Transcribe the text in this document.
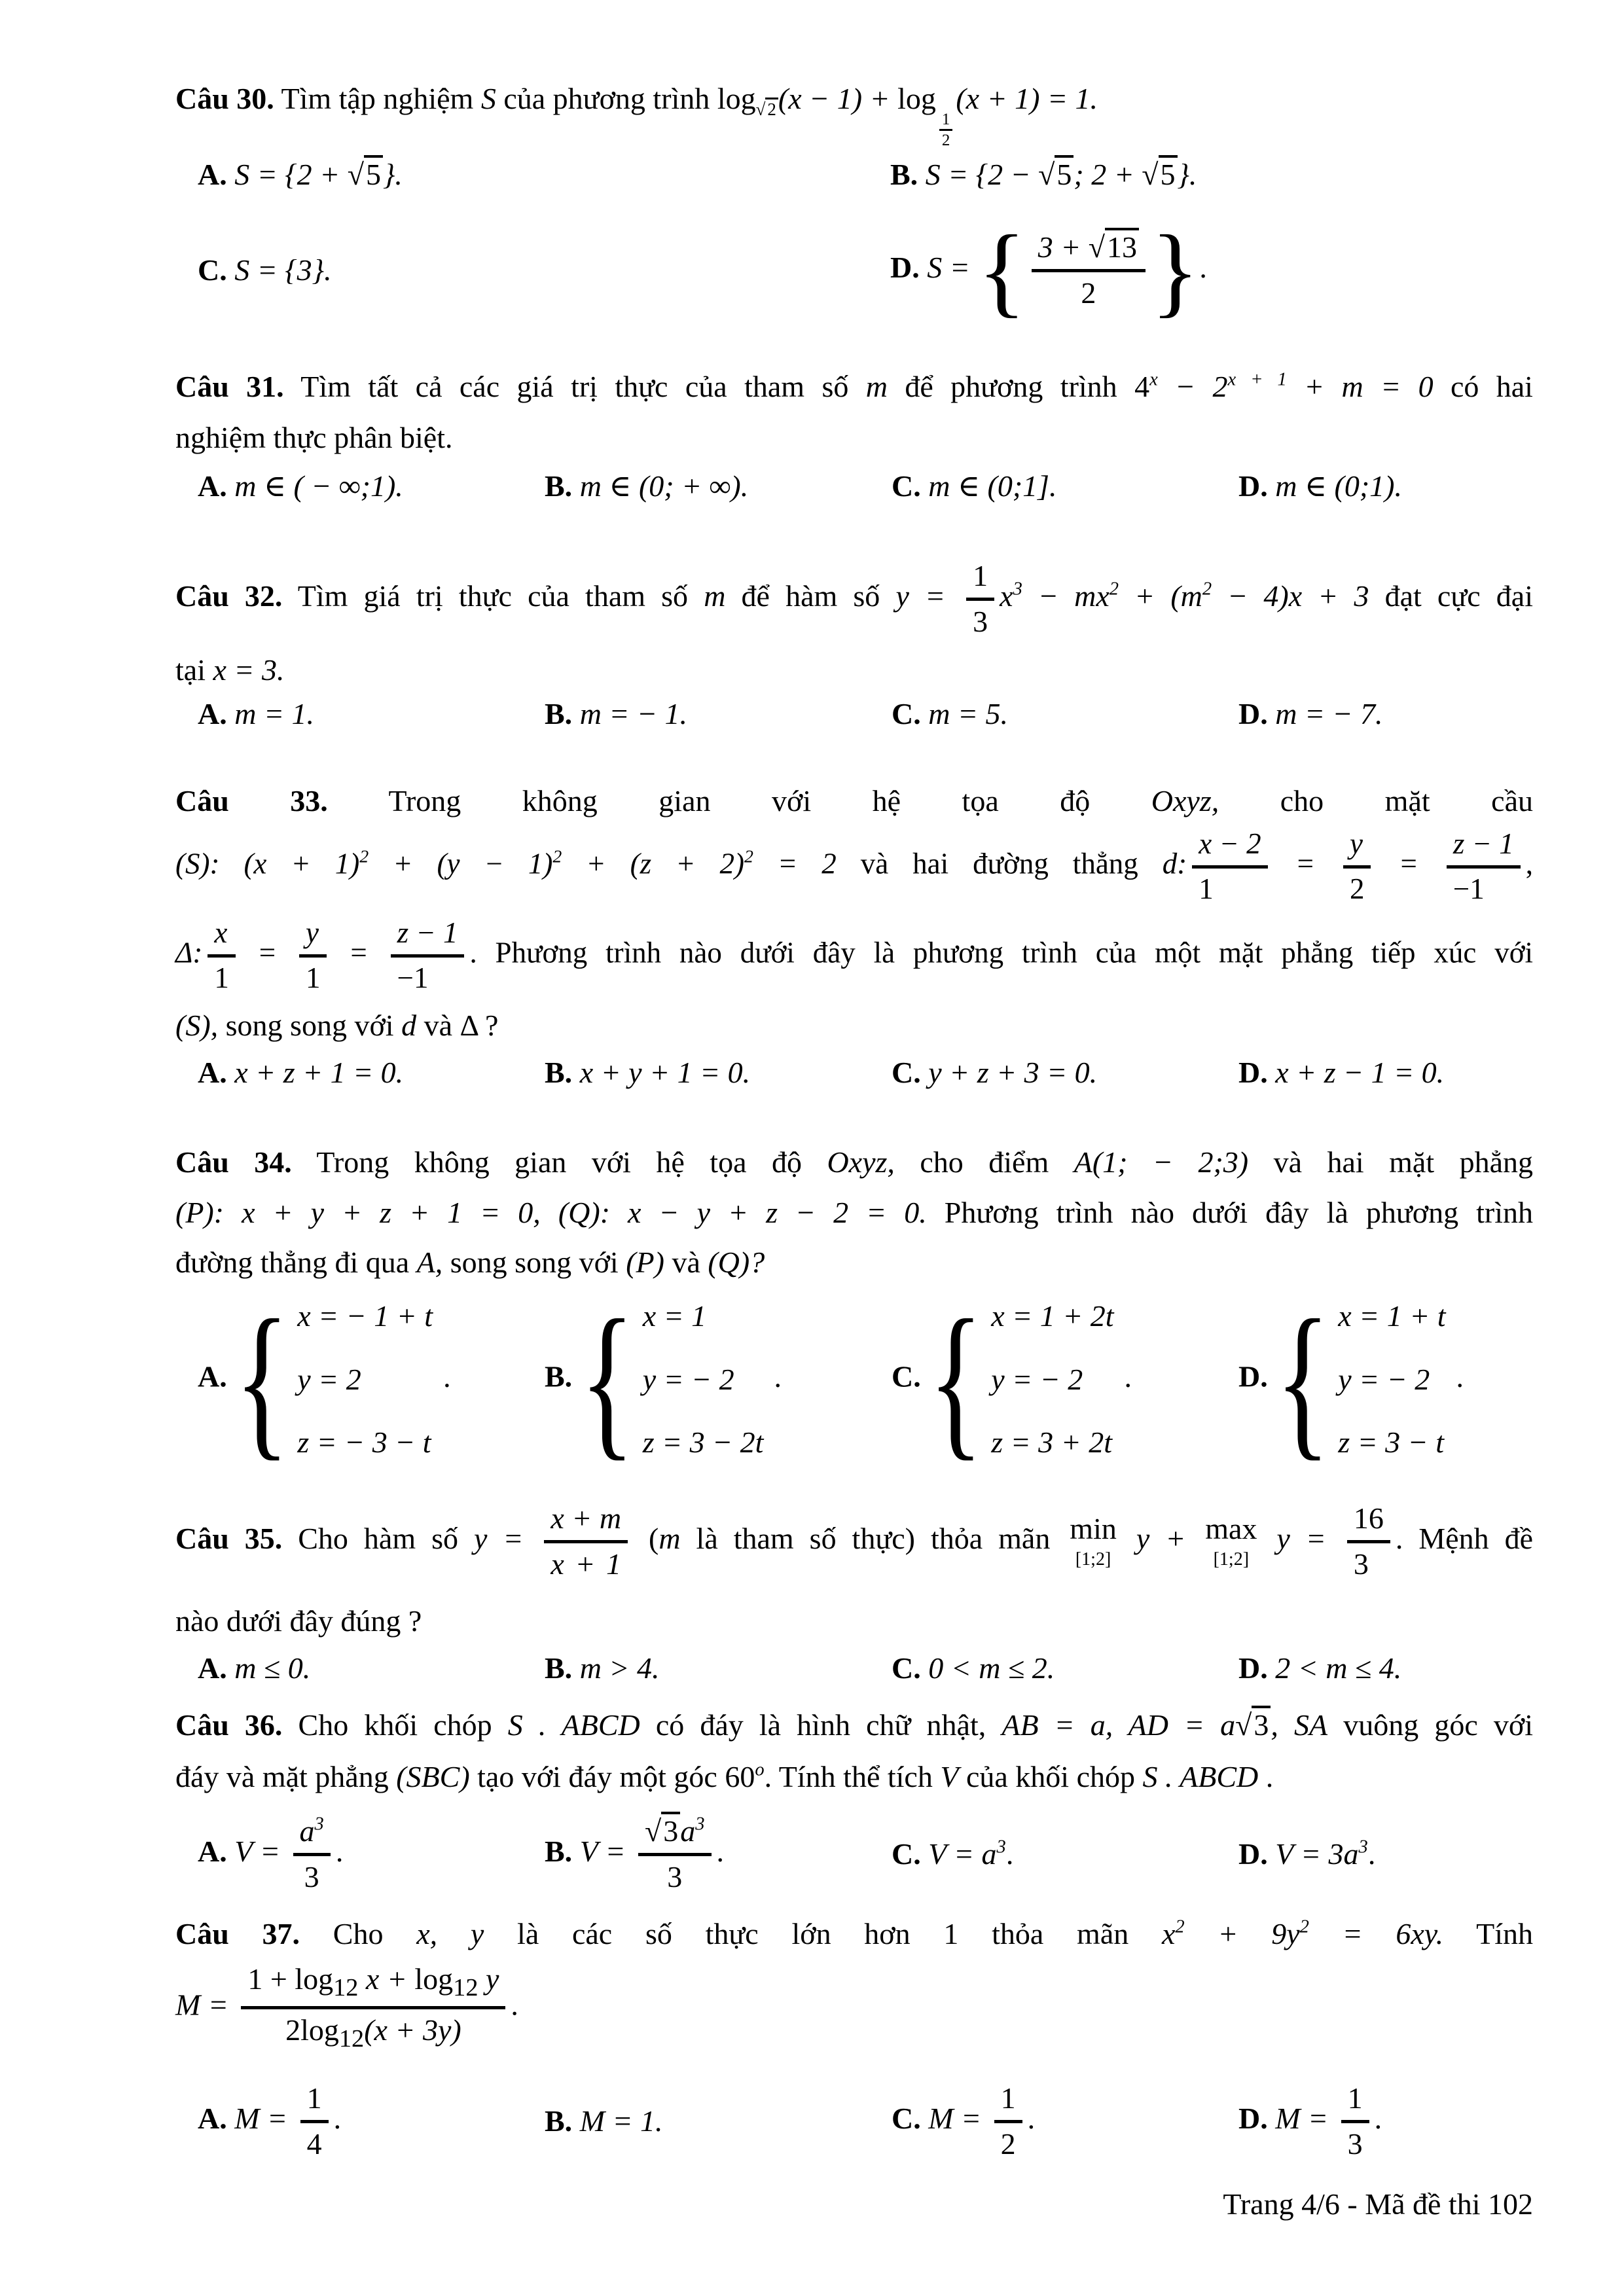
Câu 30. Tìm tập nghiệm S của phương trình $\log_{√ 2}(x - 1) + \log$
$\frac{1}{2}$
(x + 1) = 1.
A. S = {2 + √5}.	B. S = {2 − √5; 2 + √5}.
C. S = {3}.	D. S = { $\frac{3 + √13}{2}$ }.
Câu 31. Tìm tất cả các giá trị thực của tham số m để phương trình $4^x - 2^{x + 1} + m = 0$ có hai
nghiệm thực phân biệt.
A. m ∈ ( − ∞;1).	B. m ∈ (0; + ∞).	C. m ∈ (0;1].	D. m ∈ (0;1).
Câu 32. Tìm giá trị thực của tham số m để hàm số $y = \frac{1}{3} x^3 - mx^2 + (m^2 - 4)x + 3$ đạt cực đại
tại x = 3.
A. m = 1.	B. m = − 1.	C. m = 5.	D. m = − 7.
Câu 33. Trong không gian với hệ tọa độ Oxyz, cho mặt cầu
(S): $(x + 1)^2 + (y - 1)^2 + (z + 2)^2 = 2$ và hai đường thẳng d: $\frac{x - 2}{1} = \frac{y}{2} = \frac{z - 1}{-1}$ ,
Δ: $\frac{x}{1} = \frac{y}{1} = \frac{z - 1}{-1}$ . Phương trình nào dưới đây là phương trình của một mặt phẳng tiếp xúc với
(S), song song với d và Δ ?
A. x + z + 1 = 0.	B. x + y + 1 = 0.	C. y + z + 3 = 0.	D. x + z − 1 = 0.
Câu 34. Trong không gian với hệ tọa độ Oxyz, cho điểm A(1; − 2;3) và hai mặt phẳng
(P): x + y + z + 1 = 0, (Q): x − y + z − 2 = 0. Phương trình nào dưới đây là phương trình
đường thẳng đi qua A, song song với (P) và (Q)?
A. { x = − 1 + t
y = 2
z = − 3 − t
.	B. { x = 1
y = − 2
z = 3 − 2t
.	C. { x = 1 + 2t
y = − 2
z = 3 + 2t
.	D. { x = 1 + t
y = − 2
z = 3 − t
.
Câu 35. Cho hàm số $y = \frac{x + m}{x + 1} (m$ là tham số thực) thỏa mãn min
[1;2]
y + max
[1;2]
$y = \frac{16}{3}$ . Mệnh đề
nào dưới đây đúng ?
A. m ≤ 0.	B. m > 4.	C. 0 < m ≤ 2.	D. 2 < m ≤ 4.
Câu 36. Cho khối chóp S . ABCD có đáy là hình chữ nhật, AB = a, AD = a√3, SA vuông góc với
đáy và mặt phẳng (SBC) tạo với đáy một góc 60$^o$. Tính thể tích V của khối chóp S . ABCD .
A. $V = \frac{a^3}{3}$ .	B. $V = \frac{√3a^3}{3}$ .	C. $V = a^3$.	D. $V = 3a^3$.
Câu 37. Cho x, y là các số thực lớn hơn 1 thỏa mãn $x^2 + 9y^2 = 6xy$. Tính
$M = \frac{1 + \log_{12} x + \log_{12} y}{2\log_{12}(x + 3y)}$ .
A. $M = \frac{1}{4}$ .	B. M = 1.	C. $M = \frac{1}{2}$ .	D. $M = \frac{1}{3}$ .
Trang 4/6 - Mã đề thi 102
